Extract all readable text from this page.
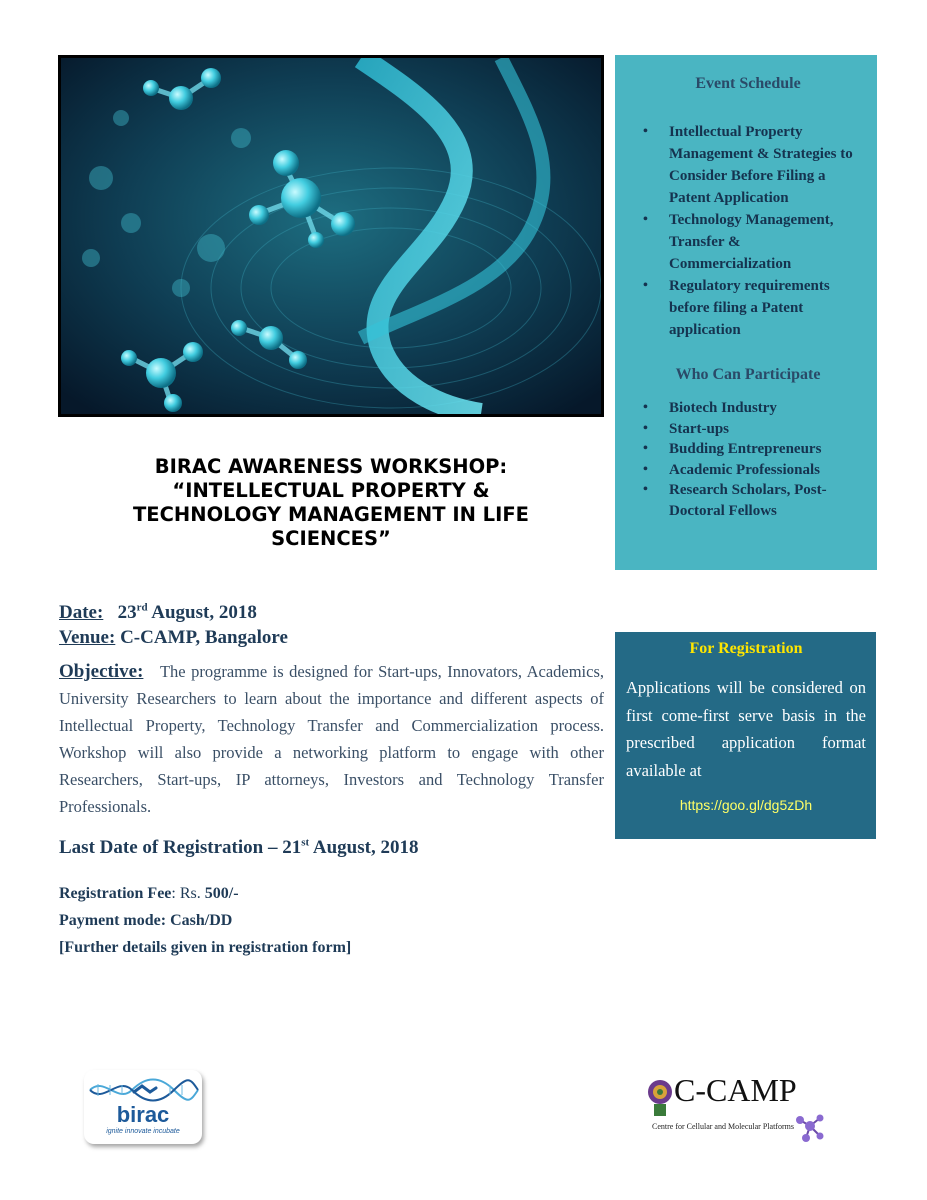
Event Schedule
• Intellectual Property Management & Strategies to Consider Before Filing a Patent Application
• Technology Management, Transfer & Commercialization
• Regulatory requirements before filing a Patent application
Who Can Participate
• Biotech Industry
• Start-ups
• Budding Entrepreneurs
• Academic Professionals
• Research Scholars, Post-Doctoral Fellows
BIRAC AWARENESS WORKSHOP:
“INTELLECTUAL PROPERTY &
TECHNOLOGY MANAGEMENT IN LIFE
SCIENCES”
Date: 23rd August, 2018
Venue: C-CAMP, Bangalore
Objective: The programme is designed for Start-ups, Innovators, Academics, University Researchers to learn about the importance and different aspects of Intellectual Property, Technology Transfer and Commercialization process. Workshop will also provide a networking platform to engage with other Researchers, Start-ups, IP attorneys, Investors and Technology Transfer Professionals.
Last Date of Registration – 21st August, 2018
Registration Fee: Rs. 500/-
Payment mode: Cash/DD
[Further details given in registration form]
For Registration

Applications will be considered on first come-first serve basis in the prescribed application format available at

https://goo.gl/dg5zDh
birac
ignite innovate incubate
C-CAMP
Centre for Cellular and Molecular Platforms
